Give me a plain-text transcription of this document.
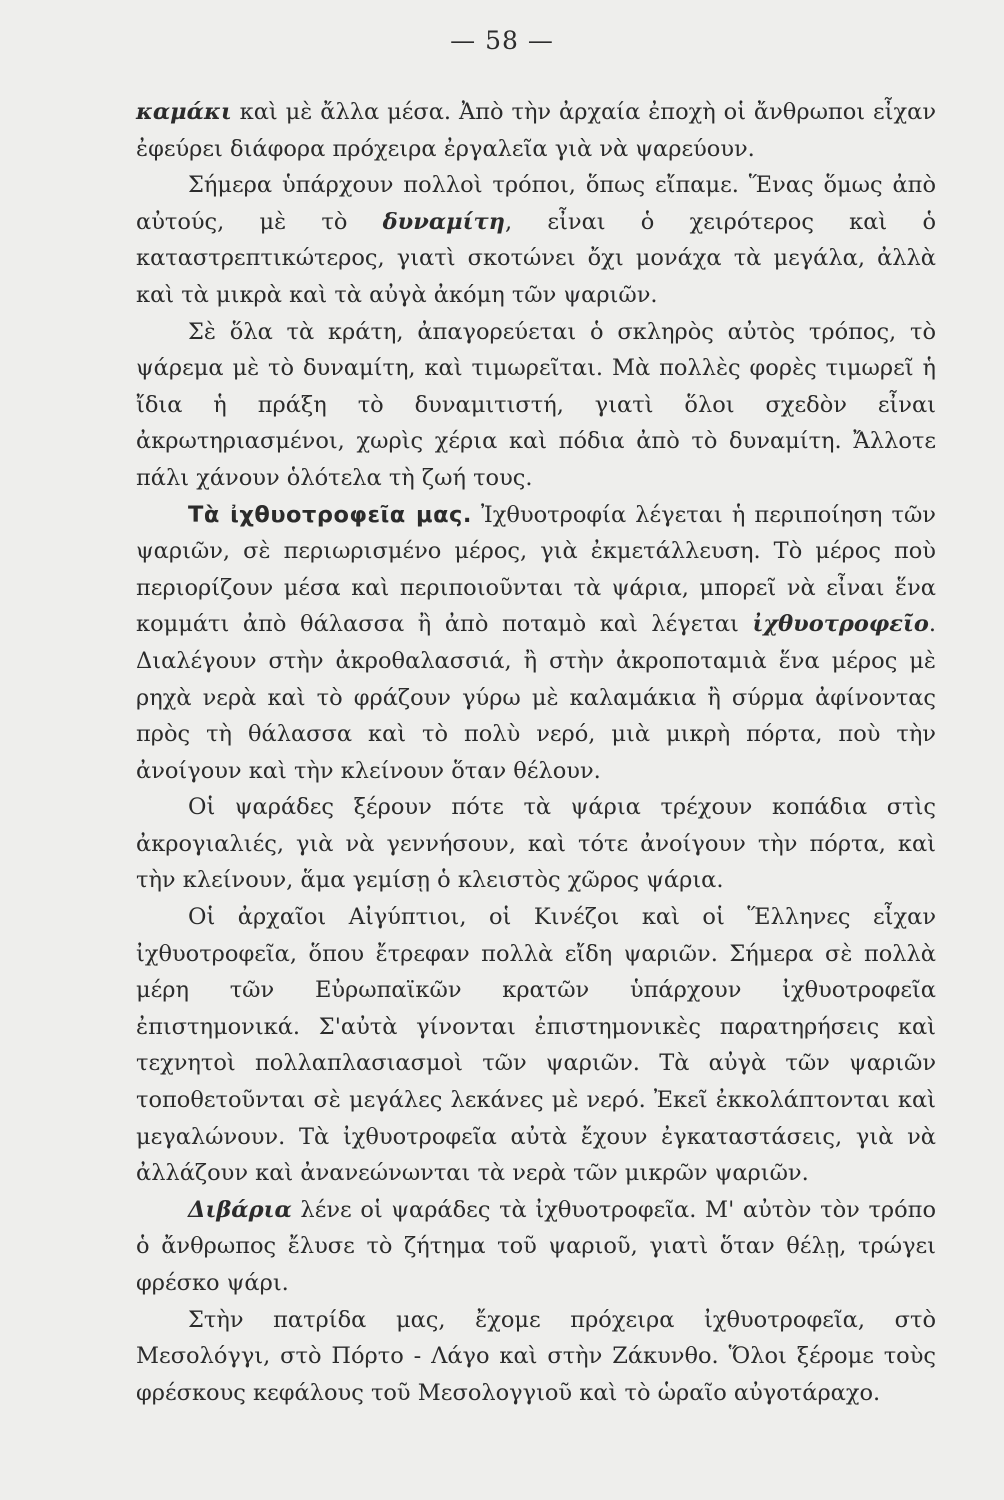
— 58 —

καμάκι καὶ μὲ ἄλλα μέσα. Ἀπὸ τὴν ἀρχαία ἐποχὴ οἱ ἄνθρωποι εἶχαν ἐφεύρει διάφορα πρόχειρα ἐργαλεῖα γιὰ νὰ ψαρεύουν.

Σήμερα ὑπάρχουν πολλοὶ τρόποι, ὅπως εἴπαμε. Ἕνας ὅμως ἀπὸ αὐτούς, μὲ τὸ δυναμίτη, εἶναι ὁ χειρότερος καὶ ὁ καταστρεπτικώτερος, γιατὶ σκοτώνει ὄχι μονάχα τὰ μεγάλα, ἀλλὰ καὶ τὰ μικρὰ καὶ τὰ αὐγὰ ἀκόμη τῶν ψαριῶν.

Σὲ ὅλα τὰ κράτη, ἀπαγορεύεται ὁ σκληρὸς αὐτὸς τρόπος, τὸ ψάρεμα μὲ τὸ δυναμίτη, καὶ τιμωρεῖται. Μὰ πολλὲς φορὲς τιμωρεῖ ἡ ἴδια ἡ πράξη τὸ δυναμιτιστή, γιατὶ ὅλοι σχεδὸν εἶναι ἀκρωτηριασμένοι, χωρὶς χέρια καὶ πόδια ἀπὸ τὸ δυναμίτη. Ἄλλοτε πάλι χάνουν ὁλότελα τὴ ζωή τους.

Τὰ ἰχθυοτροφεῖα μας. Ἰχθυοτροφία λέγεται ἡ περιποίηση τῶν ψαριῶν, σὲ περιωρισμένο μέρος, γιὰ ἐκμετάλλευση. Τὸ μέρος ποὺ περιορίζουν μέσα καὶ περιποιοῦνται τὰ ψάρια, μπορεῖ νὰ εἶναι ἕνα κομμάτι ἀπὸ θάλασσα ἢ ἀπὸ ποταμὸ καὶ λέγεται ἰχθυοτροφεῖο. Διαλέγουν στὴν ἀκροθαλασσιά, ἢ στὴν ἀκροποταμιὰ ἕνα μέρος μὲ ρηχὰ νερὰ καὶ τὸ φράζουν γύρω μὲ καλαμάκια ἢ σύρμα ἀφίνοντας πρὸς τὴ θάλασσα καὶ τὸ πολὺ νερό, μιὰ μικρὴ πόρτα, ποὺ τὴν ἀνοίγουν καὶ τὴν κλείνουν ὅταν θέλουν.

Οἱ ψαράδες ξέρουν πότε τὰ ψάρια τρέχουν κοπάδια στὶς ἀκρογιαλιές, γιὰ νὰ γεννήσουν, καὶ τότε ἀνοίγουν τὴν πόρτα, καὶ τὴν κλείνουν, ἅμα γεμίσῃ ὁ κλειστὸς χῶρος ψάρια.

Οἱ ἀρχαῖοι Αἰγύπτιοι, οἱ Κινέζοι καὶ οἱ Ἕλληνες εἶχαν ἰχθυοτροφεῖα, ὅπου ἔτρεφαν πολλὰ εἴδη ψαριῶν. Σήμερα σὲ πολλὰ μέρη τῶν Εὐρωπαϊκῶν κρατῶν ὑπάρχουν ἰχθυοτροφεῖα ἐπιστημονικά. Σ'αὐτὰ γίνονται ἐπιστημονικὲς παρατηρήσεις καὶ τεχνητοὶ πολλαπλασιασμοὶ τῶν ψαριῶν. Τὰ αὐγὰ τῶν ψαριῶν τοποθετοῦνται σὲ μεγάλες λεκάνες μὲ νερό. Ἐκεῖ ἐκκολάπτονται καὶ μεγαλώνουν. Τὰ ἰχθυοτροφεῖα αὐτὰ ἔχουν ἐγκαταστάσεις, γιὰ νὰ ἀλλάζουν καὶ ἀνανεώνωνται τὰ νερὰ τῶν μικρῶν ψαριῶν.

Διβάρια λένε οἱ ψαράδες τὰ ἰχθυοτροφεῖα. Μ' αὐτὸν τὸν τρόπο ὁ ἄνθρωπος ἔλυσε τὸ ζήτημα τοῦ ψαριοῦ, γιατὶ ὅταν θέλῃ, τρώγει φρέσκο ψάρι.

Στὴν πατρίδα μας, ἔχομε πρόχειρα ἰχθυοτροφεῖα, στὸ Μεσολόγγι, στὸ Πόρτο - Λάγο καὶ στὴν Ζάκυνθο. Ὅλοι ξέρομε τοὺς φρέσκους κεφάλους τοῦ Μεσολογγιοῦ καὶ τὸ ὡραῖο αὐγοτάραχο.
